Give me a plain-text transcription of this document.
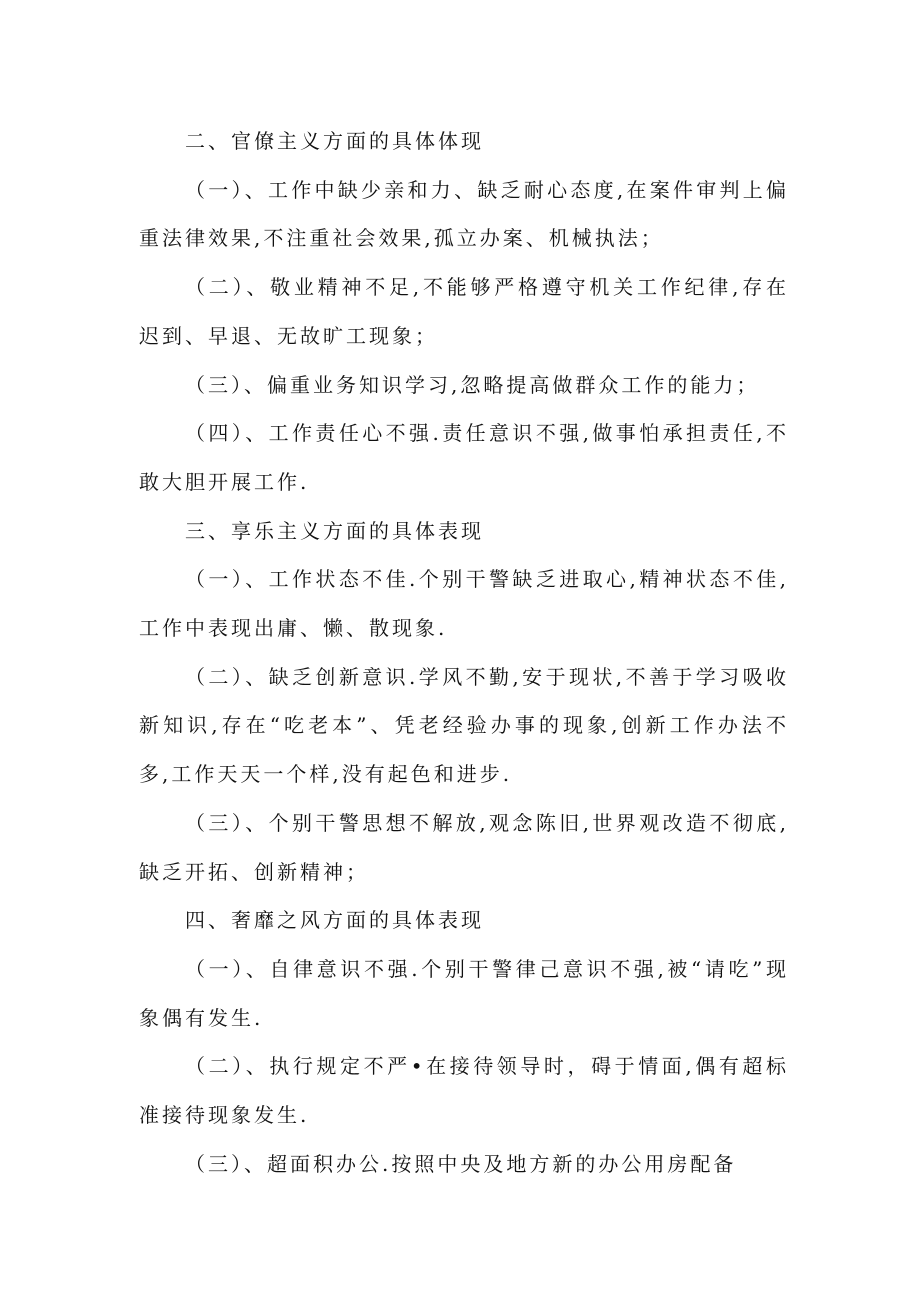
二、官僚主义方面的具体体现

（一）、工作中缺少亲和力、缺乏耐心态度,在案件审判上偏重法律效果,不注重社会效果,孤立办案、机械执法；

（二）、敬业精神不足,不能够严格遵守机关工作纪律,存在迟到、早退、无故旷工现象；

（三）、偏重业务知识学习,忽略提高做群众工作的能力；

（四）、工作责任心不强.责任意识不强,做事怕承担责任,不敢大胆开展工作.

三、享乐主义方面的具体表现

（一）、工作状态不佳.个别干警缺乏进取心,精神状态不佳,工作中表现出庸、懒、散现象.

（二）、缺乏创新意识.学风不勤,安于现状,不善于学习吸收新知识,存在“吃老本”、凭老经验办事的现象,创新工作办法不多,工作天天一个样,没有起色和进步.

（三）、个别干警思想不解放,观念陈旧,世界观改造不彻底,缺乏开拓、创新精神；

四、奢靡之风方面的具体表现

（一）、自律意识不强.个别干警律己意识不强,被“请吃”现象偶有发生.

（二）、执行规定不严•在接待领导时，碍于情面,偶有超标准接待现象发生.

（三）、超面积办公.按照中央及地方新的办公用房配备
